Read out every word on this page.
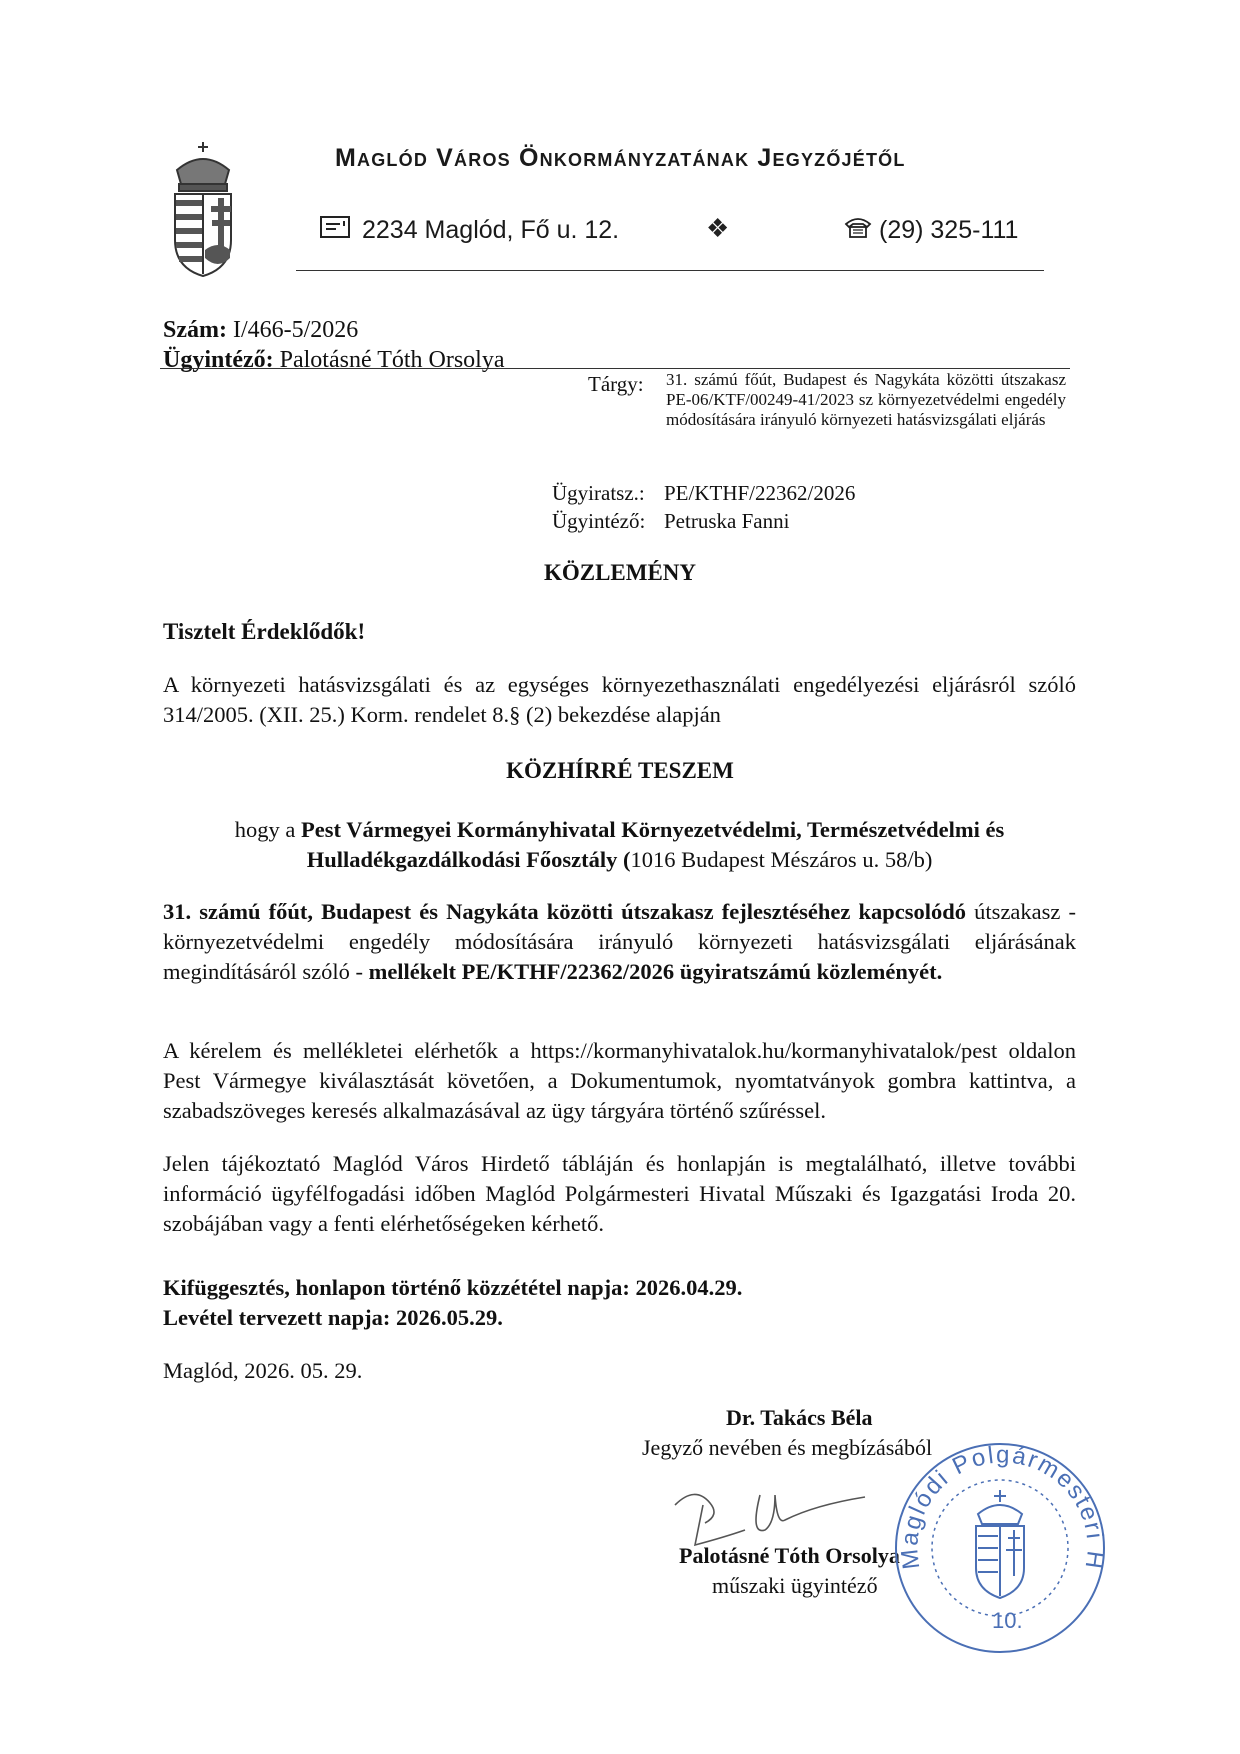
Maglód Város Önkormányzatának Jegyzőjétől
2234 Maglód, Fő u. 12.	❖	(29) 325-111
Szám: I/466-5/2026
Ügyintéző: Palotásné Tóth Orsolya
Tárgy: 31. számú főút, Budapest és Nagykáta közötti útszakasz PE-06/KTF/00249-41/2023 sz környezetvédelmi engedély módosítására irányuló környezeti hatásvizsgálati eljárás
Ügyiratsz.: PE/KTHF/22362/2026
Ügyintéző: Petruska Fanni
KÖZLEMÉNY
Tisztelt Érdeklődők!
A környezeti hatásvizsgálati és az egységes környezethasználati engedélyezési eljárásról szóló 314/2005. (XII. 25.) Korm. rendelet 8.§ (2) bekezdése alapján
KÖZHÍRRÉ TESZEM
hogy a Pest Vármegyei Kormányhivatal Környezetvédelmi, Természetvédelmi és
Hulladékgazdálkodási Főosztály (1016 Budapest Mészáros u. 58/b)
31. számú főút, Budapest és Nagykáta közötti útszakasz fejlesztéséhez kapcsolódó útszakasz - környezetvédelmi engedély módosítására irányuló környezeti hatásvizsgálati eljárásának megindításáról szóló - mellékelt PE/KTHF/22362/2026 ügyiratszámú közleményét.
A kérelem és mellékletei elérhetők a https://kormanyhivatalok.hu/kormanyhivatalok/pest oldalon Pest Vármegye kiválasztását követően, a Dokumentumok, nyomtatványok gombra kattintva, a szabadszöveges keresés alkalmazásával az ügy tárgyára történő szűréssel.
Jelen tájékoztató Maglód Város Hirdető tábláján és honlapján is megtalálható, illetve további információ ügyfélfogadási időben Maglód Polgármesteri Hivatal Műszaki és Igazgatási Iroda 20. szobájában vagy a fenti elérhetőségeken kérhető.
Kifüggesztés, honlapon történő közzététel napja: 2026.04.29.
Levétel tervezett napja: 2026.05.29.
Maglód, 2026. 05. 29.
Dr. Takács Béla
Jegyző nevében és megbízásából
Palotásné Tóth Orsolya
műszaki ügyintéző
Maglódi Polgármesteri H
10.
